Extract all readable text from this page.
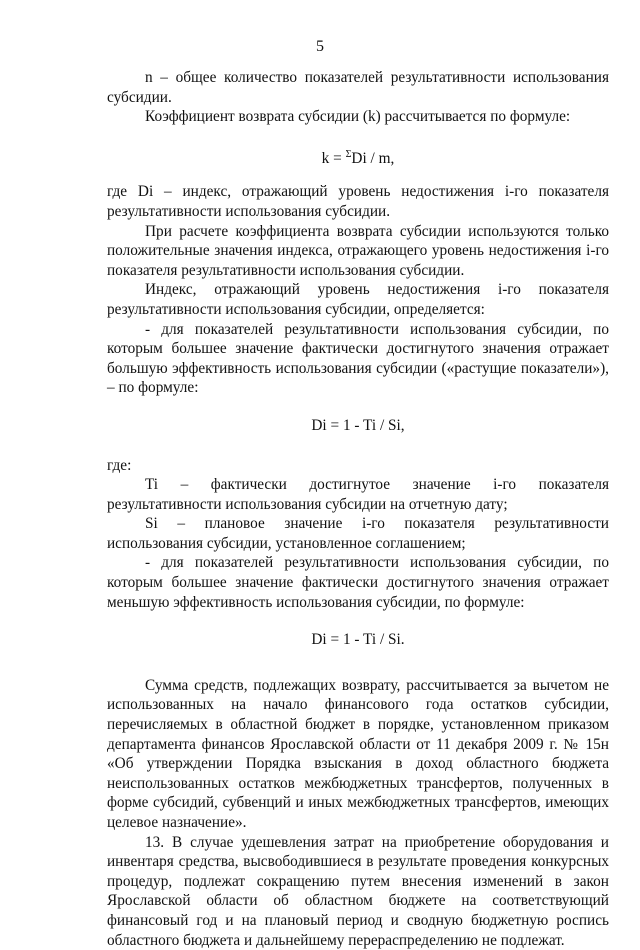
5

n – общее количество показателей результативности использования субсидии.

Коэффициент возврата субсидии (k) рассчитывается по формуле:

k = $^\Sigma$Di / m,

где Di – индекс, отражающий уровень недостижения i-го показателя результативности использования субсидии.

При расчете коэффициента возврата субсидии используются только положительные значения индекса, отражающего уровень недостижения i-го показателя результативности использования субсидии.

Индекс, отражающий уровень недостижения i-го показателя результативности использования субсидии, определяется:

- для показателей результативности использования субсидии, по которым большее значение фактически достигнутого значения отражает большую эффективность использования субсидии («растущие показатели»), – по формуле:

Di = 1 - Ti / Si,

где:

Ti – фактически достигнутое значение i-го показателя результативности использования субсидии на отчетную дату;

Si – плановое значение i-го показателя результативности использования субсидии, установленное соглашением;

- для показателей результативности использования субсидии, по которым большее значение фактически достигнутого значения отражает меньшую эффективность использования субсидии, по формуле:

Di = 1 - Ti / Si.

Сумма средств, подлежащих возврату, рассчитывается за вычетом не использованных на начало финансового года остатков субсидии, перечисляемых в областной бюджет в порядке, установленном приказом департамента финансов Ярославской области от 11 декабря 2009 г. № 15н «Об утверждении Порядка взыскания в доход областного бюджета неиспользованных остатков межбюджетных трансфертов, полученных в форме субсидий, субвенций и иных межбюджетных трансфертов, имеющих целевое назначение».

13. В случае удешевления затрат на приобретение оборудования и инвентаря средства, высвободившиеся в результате проведения конкурсных процедур, подлежат сокращению путем внесения изменений в закон Ярославской области об областном бюджете на соответствующий финансовый год и на плановый период и сводную бюджетную роспись областного бюджета и дальнейшему перераспределению не подлежат.
